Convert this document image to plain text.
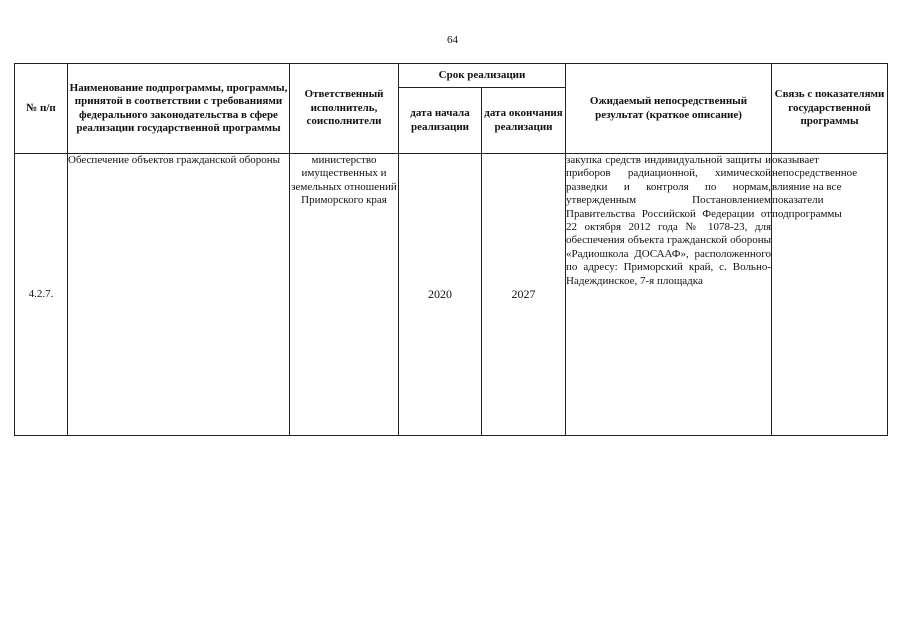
64
№ п/п	Наименование подпрограммы, программы, принятой в соответствии с требованиями федерального законодательства в сфере реализации государственной программы	Ответственный исполнитель, соисполнители	Срок реализации		Ожидаемый непосредственный результат (краткое описание)	Связь с показателями государственной программы
			дата начала реализации	дата окончания реализации		
4.2.7.	Обеспечение объектов гражданской обороны	министерство имущественных и земельных отношений Приморского края	2020	2027	закупка средств индивидуальной защиты и приборов радиационной, химической разведки и контроля по нормам, утвержденным Постановлением Правительства Российской Федерации от 22 октября 2012 года № 1078-23, для обеспечения объекта гражданской обороны «Радиошкола ДОСААФ», расположенного по адресу: Приморский край, с. Вольно-Надеждинское, 7-я площадка	оказывает непосредственное влияние на все показатели подпрограммы
